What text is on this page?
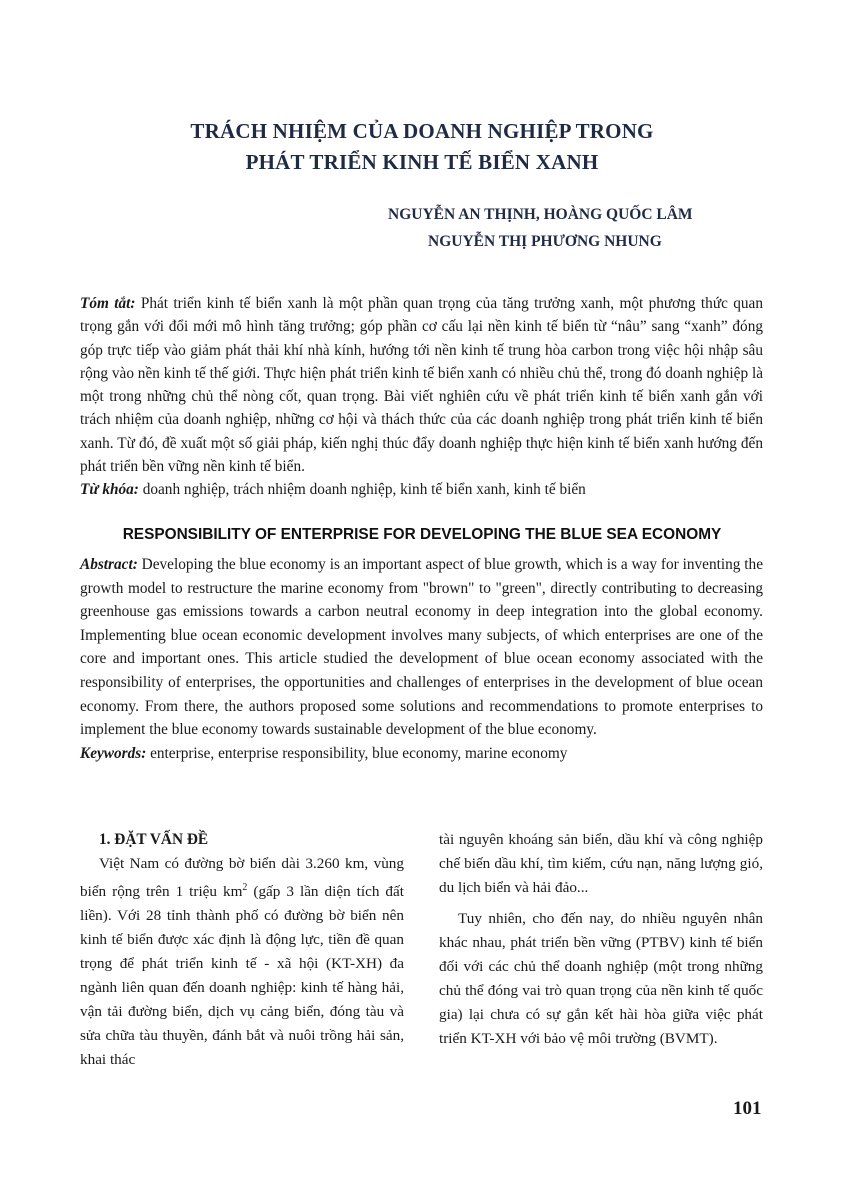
TRÁCH NHIỆM CỦA DOANH NGHIỆP TRONG
PHÁT TRIỂN KINH TẾ BIỂN XANH
NGUYỄN AN THỊNH, HOÀNG QUỐC LÂM
NGUYỄN THỊ PHƯƠNG NHUNG
Tóm tắt: Phát triển kinh tế biển xanh là một phần quan trọng của tăng trưởng xanh, một phương thức quan trọng gắn với đổi mới mô hình tăng trưởng; góp phần cơ cấu lại nền kinh tế biển từ “nâu” sang “xanh” đóng góp trực tiếp vào giảm phát thải khí nhà kính, hướng tới nền kinh tế trung hòa carbon trong việc hội nhập sâu rộng vào nền kinh tế thế giới. Thực hiện phát triển kinh tế biển xanh có nhiều chủ thể, trong đó doanh nghiệp là một trong những chủ thể nòng cốt, quan trọng. Bài viết nghiên cứu về phát triển kinh tế biển xanh gắn với trách nhiệm của doanh nghiệp, những cơ hội và thách thức của các doanh nghiệp trong phát triển kinh tế biển xanh. Từ đó, đề xuất một số giải pháp, kiến nghị thúc đẩy doanh nghiệp thực hiện kinh tế biển xanh hướng đến phát triển bền vững nền kinh tế biển.
Từ khóa: doanh nghiệp, trách nhiệm doanh nghiệp, kinh tế biển xanh, kinh tế biển
RESPONSIBILITY OF ENTERPRISE FOR DEVELOPING THE BLUE SEA ECONOMY
Abstract: Developing the blue economy is an important aspect of blue growth, which is a way for inventing the growth model to restructure the marine economy from "brown" to "green", directly contributing to decreasing greenhouse gas emissions towards a carbon neutral economy in deep integration into the global economy. Implementing blue ocean economic development involves many subjects, of which enterprises are one of the core and important ones. This article studied the development of blue ocean economy associated with the responsibility of enterprises, the opportunities and challenges of enterprises in the development of blue ocean economy. From there, the authors proposed some solutions and recommendations to promote enterprises to implement the blue economy towards sustainable development of the blue economy.
Keywords: enterprise, enterprise responsibility, blue economy, marine economy
1. ĐẶT VẤN ĐỀ

Việt Nam có đường bờ biển dài 3.260 km, vùng biển rộng trên 1 triệu $km^2$ (gấp 3 lần diện tích đất liền). Với 28 tỉnh thành phố có đường bờ biển nên kinh tế biển được xác định là động lực, tiền đề quan trọng để phát triển kinh tế - xã hội (KT-XH) đa ngành liên quan đến doanh nghiệp: kinh tế hàng hải, vận tải đường biển, dịch vụ cảng biển, đóng tàu và sửa chữa tàu thuyền, đánh bắt và nuôi trồng hải sản, khai thác

tài nguyên khoáng sản biển, dầu khí và công nghiệp chế biến dầu khí, tìm kiếm, cứu nạn, năng lượng gió, du lịch biển và hải đảo...

Tuy nhiên, cho đến nay, do nhiều nguyên nhân khác nhau, phát triển bền vững (PTBV) kinh tế biển đối với các chủ thể doanh nghiệp (một trong những chủ thể đóng vai trò quan trọng của nền kinh tế quốc gia) lại chưa có sự gắn kết hài hòa giữa việc phát triển KT-XH với bảo vệ môi trường (BVMT).

101
